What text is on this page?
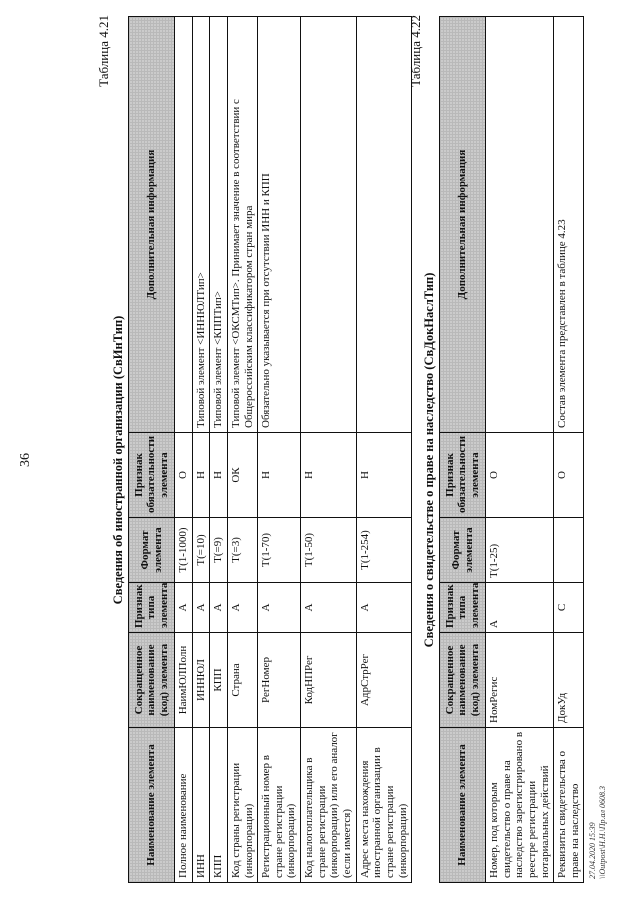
36
Таблица 4.21
Сведения об иностранной организации (СвИнТип)
Наименование элемента	Сокращенное наименование (код) элемента	Признак типа элемента	Формат элемента	Признак обязательности элемента	Дополнительная информация
Полное наименование	НаимЮЛПолн	А	T(1-1000)	О	
ИНН	ИННЮЛ	А	T(=10)	Н	Типовой элемент <ИННЮЛТип>
КПП	КПП	А	T(=9)	Н	Типовой элемент <КППТип>
Код страны регистрации (инкорпорации)	Страна	А	T(=3)	ОК	Типовой элемент <ОКСМТип>. Принимает значение в соответствии с Общероссийским классификатором стран мира
Регистрационный номер в стране регистрации (инкорпорации)	РегНомер	А	T(1-70)	Н	Обязательно указывается при отсутствии ИНН и КПП
Код налогоплательщика в стране регистрации (инкорпорации) или его аналог (если имеется)	КодНПРег	А	T(1-50)	Н	
Адрес места нахождения иностранной организации в стране регистрации (инкорпорации)	АдрСтрРег	А	T(1-254)	Н	
Таблица 4.22
Сведения о свидетельстве о праве на наследство (СвДокНаслТип)
Наименование элемента	Сокращенное наименование (код) элемента	Признак типа элемента	Формат элемента	Признак обязательности элемента	Дополнительная информация
Номер, под которым свидетельство о праве на наследство зарегистрировано в реестре регистрации нотариальных действий	НомРегис	А	T(1-25)	О	
Реквизиты свидетельства о праве на наследство	ДокУд	С		О	Состав элемента представлен в таблице 4.23
27.04.2020 15:39 \\Outpost\Н.Н.\Пр.ал 0608.3
